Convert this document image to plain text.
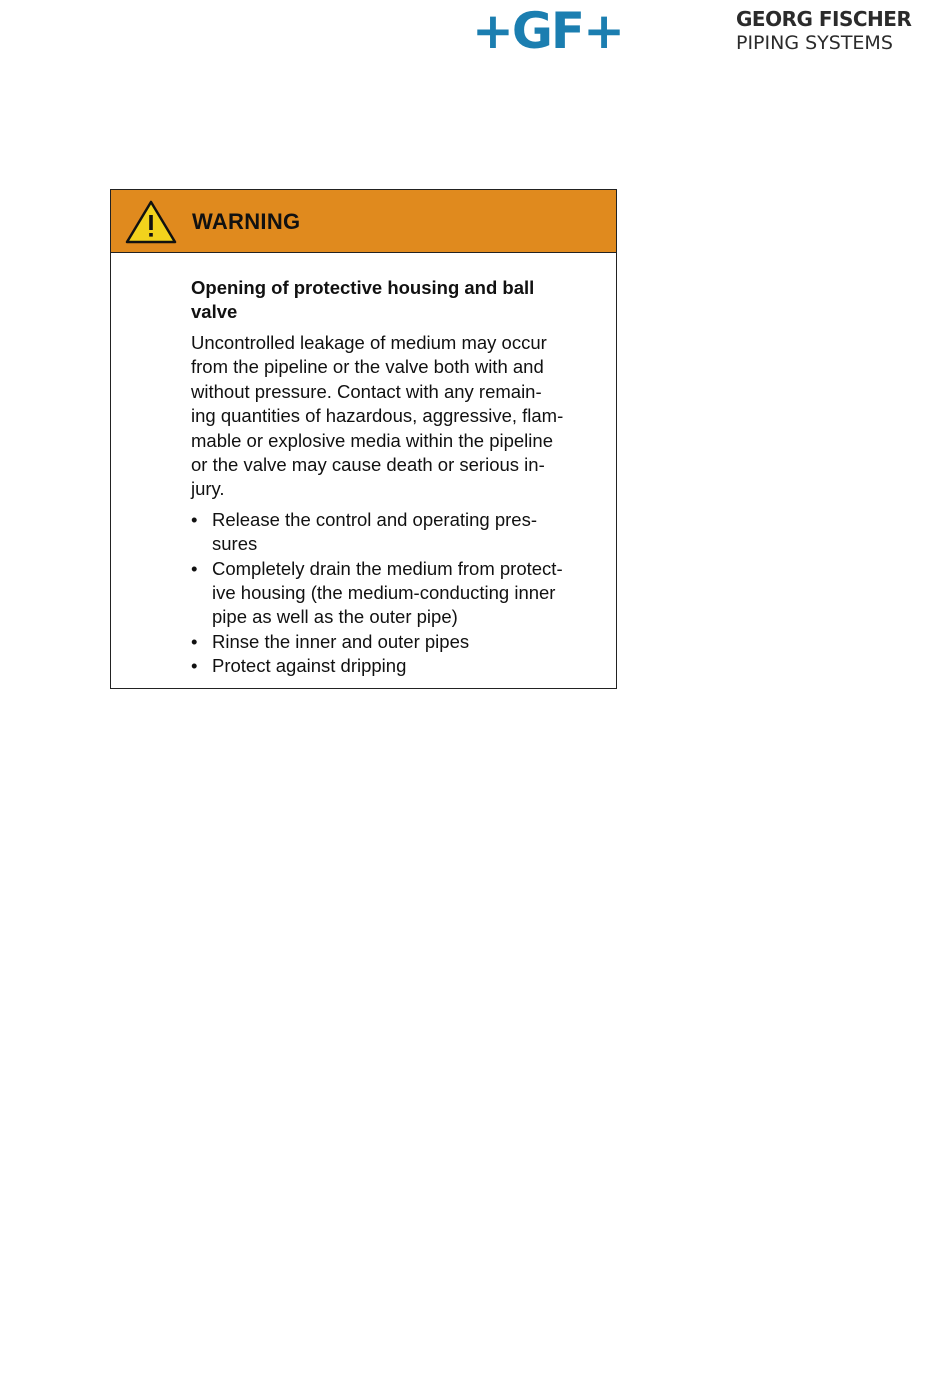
+GF+	GEORG FISCHER
PIPING SYSTEMS
WARNING
Opening of protective housing and ball
valve

Uncontrolled leakage of medium may occur
from the pipeline or the valve both with and
without pressure. Contact with any remain-
ing quantities of hazardous, aggressive, flam-
mable or explosive media within the pipeline
or the valve may cause death or serious in-
jury.

• Release the control and operating pres-
sures
• Completely drain the medium from protect-
ive housing (the medium-conducting inner
pipe as well as the outer pipe)
• Rinse the inner and outer pipes
• Protect against dripping
